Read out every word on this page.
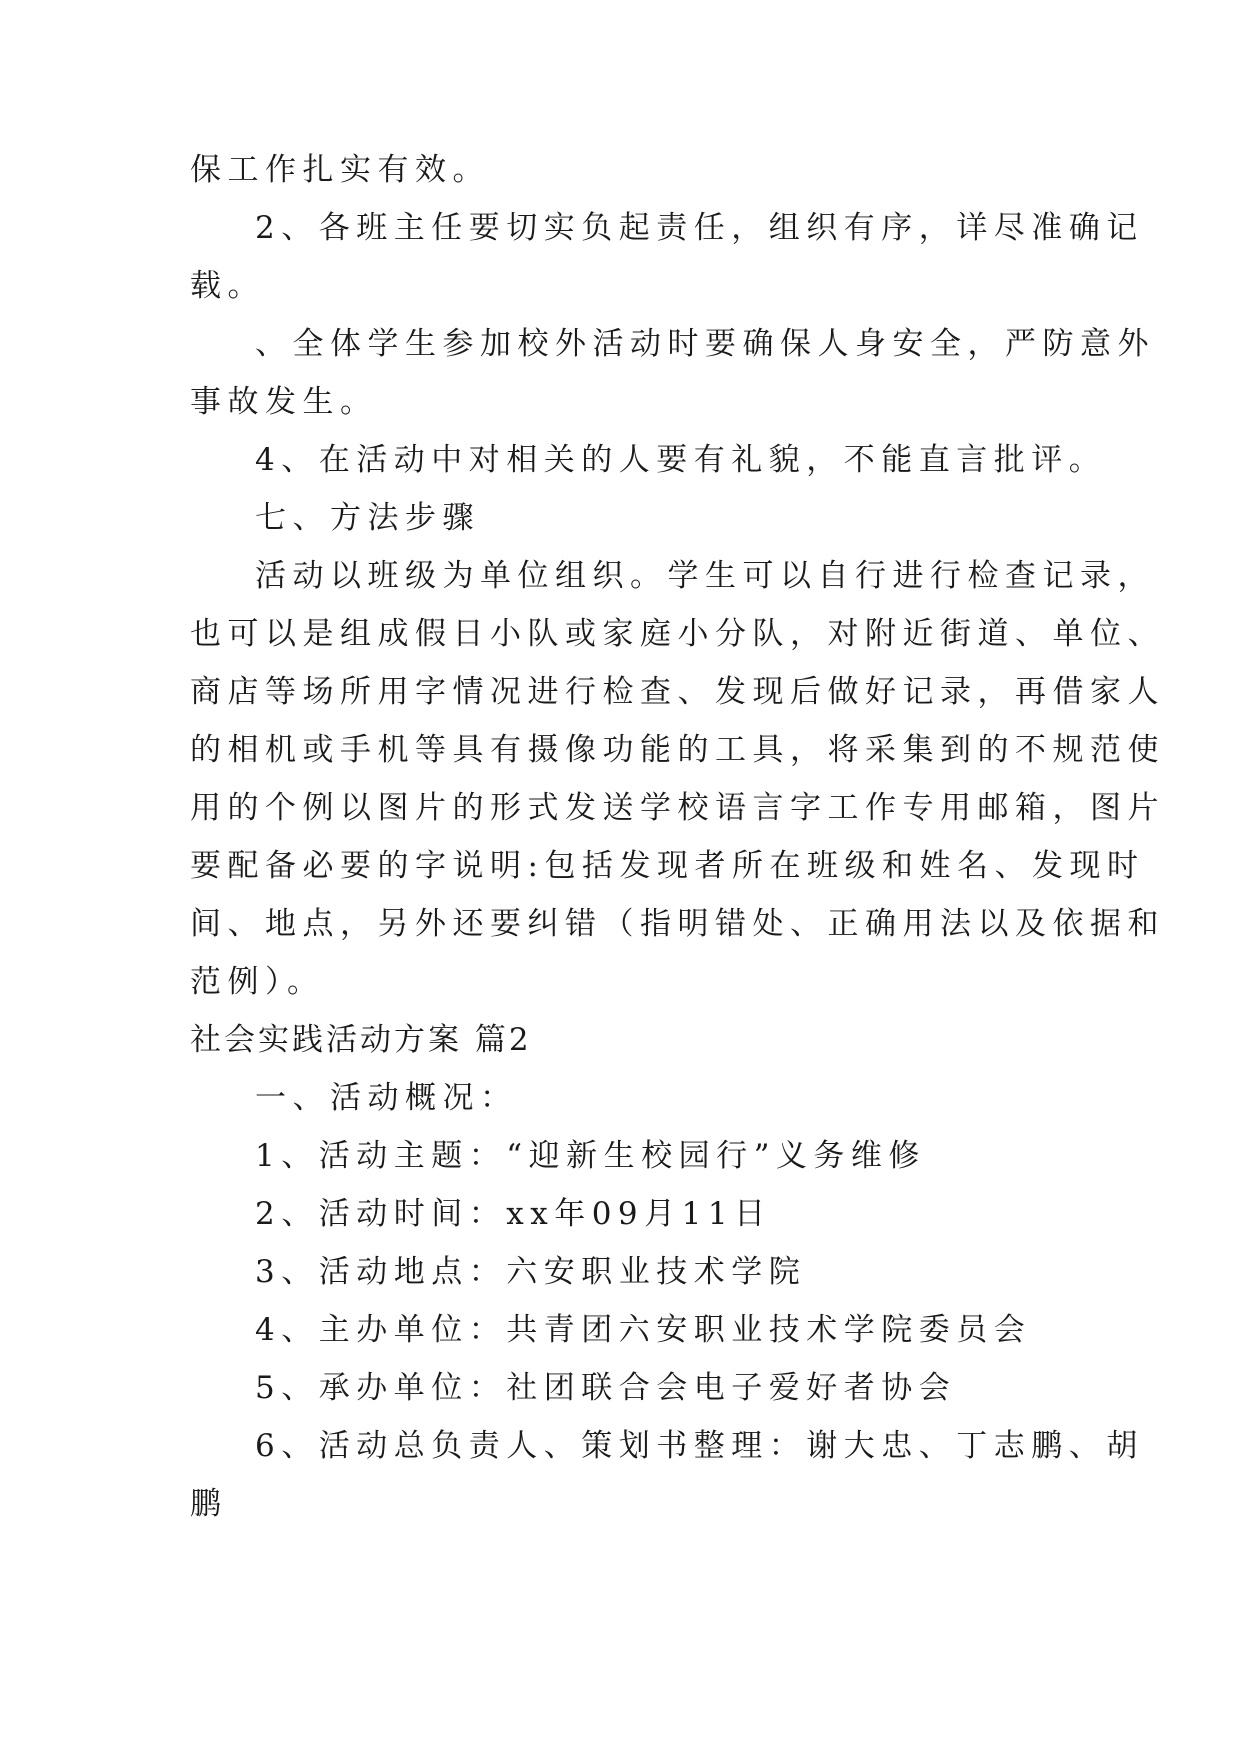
保工作扎实有效。

2、各班主任要切实负起责任，组织有序，详尽准确记

载。

、全体学生参加校外活动时要确保人身安全，严防意外

事故发生。

4、在活动中对相关的人要有礼貌，不能直言批评。

七、方法步骤

活动以班级为单位组织。学生可以自行进行检查记录，

也可以是组成假日小队或家庭小分队，对附近街道、单位、

商店等场所用字情况进行检查、发现后做好记录，再借家人

的相机或手机等具有摄像功能的工具，将采集到的不规范使

用的个例以图片的形式发送学校语言字工作专用邮箱，图片

要配备必要的字说明:包括发现者所在班级和姓名、发现时

间、地点，另外还要纠错（指明错处、正确用法以及依据和

范例）。

社会实践活动方案 篇2

一、活动概况：

1、活动主题：“迎新生校园行”义务维修

2、活动时间：xx年09月11日

3、活动地点：六安职业技术学院

4、主办单位：共青团六安职业技术学院委员会

5、承办单位：社团联合会电子爱好者协会

6、活动总负责人、策划书整理：谢大忠、丁志鹏、胡

鹏
